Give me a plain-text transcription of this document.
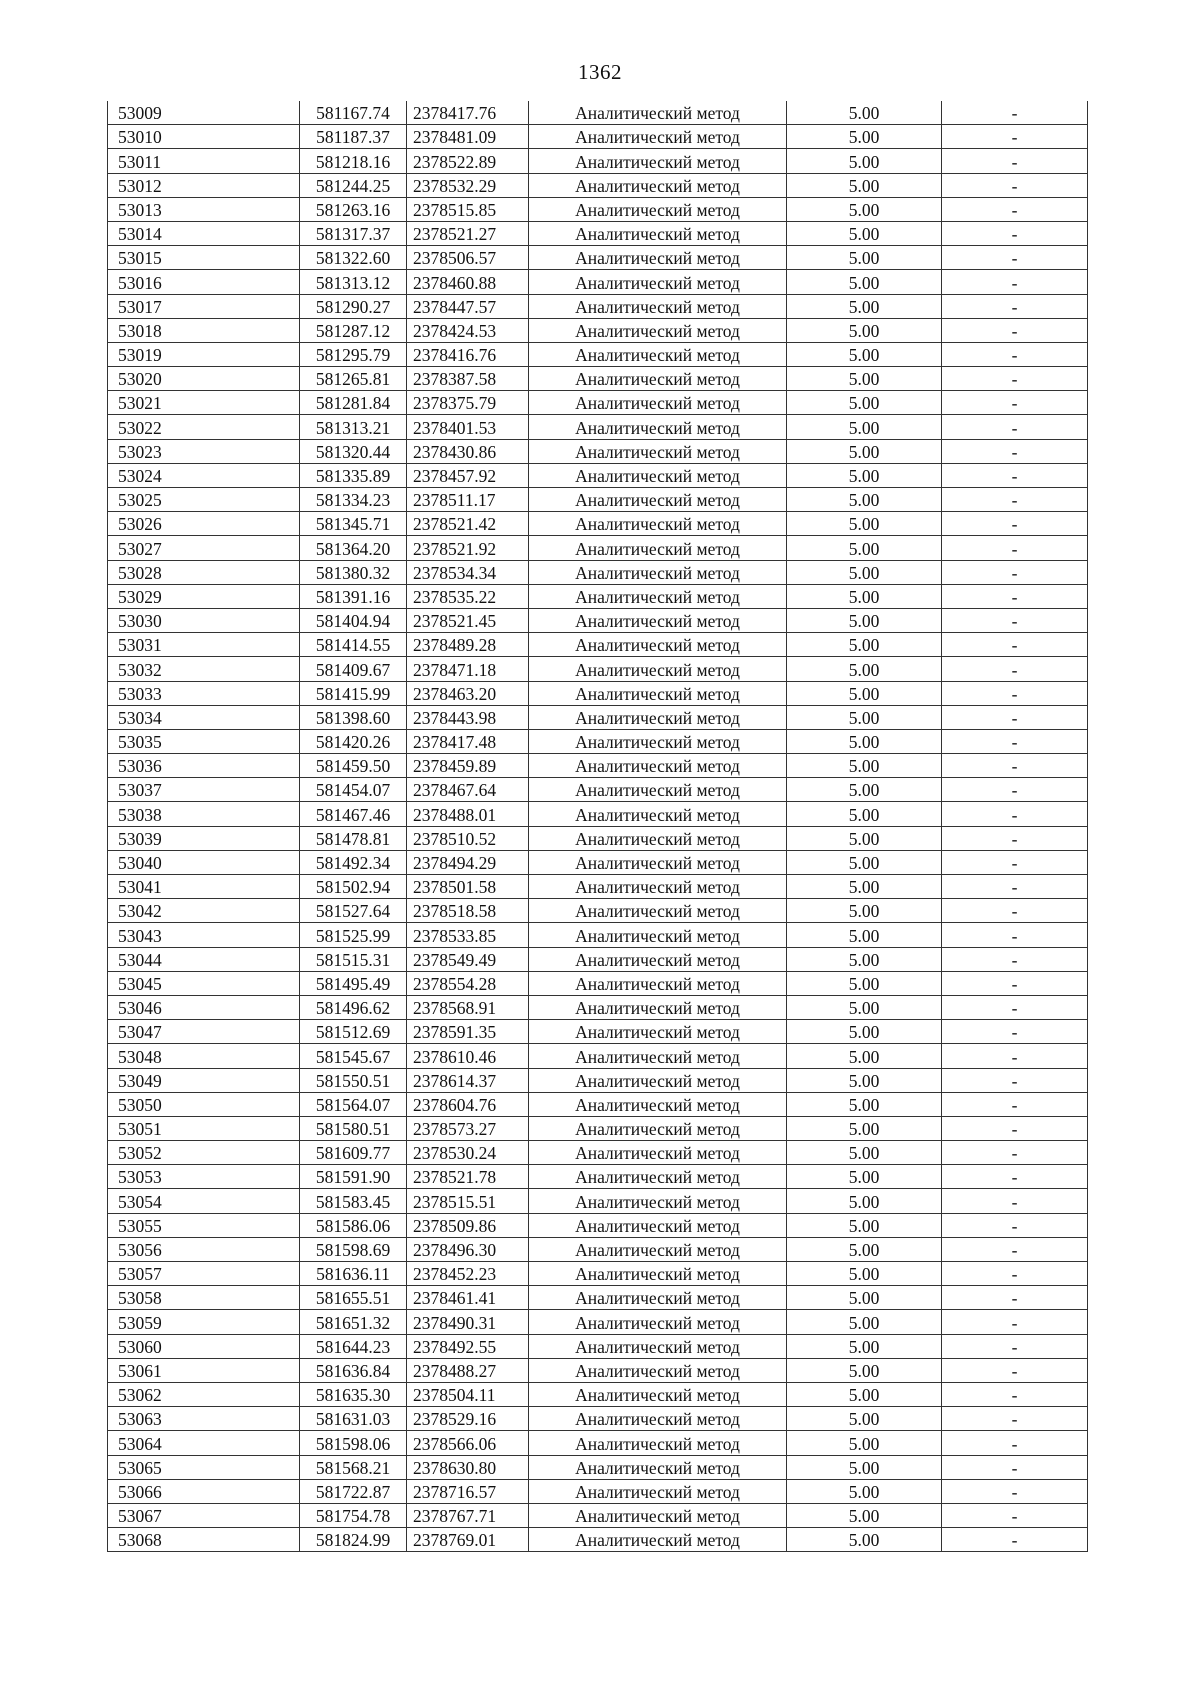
1362
53009	581167.74	2378417.76	Аналитический метод	5.00	-
53010	581187.37	2378481.09	Аналитический метод	5.00	-
53011	581218.16	2378522.89	Аналитический метод	5.00	-
53012	581244.25	2378532.29	Аналитический метод	5.00	-
53013	581263.16	2378515.85	Аналитический метод	5.00	-
53014	581317.37	2378521.27	Аналитический метод	5.00	-
53015	581322.60	2378506.57	Аналитический метод	5.00	-
53016	581313.12	2378460.88	Аналитический метод	5.00	-
53017	581290.27	2378447.57	Аналитический метод	5.00	-
53018	581287.12	2378424.53	Аналитический метод	5.00	-
53019	581295.79	2378416.76	Аналитический метод	5.00	-
53020	581265.81	2378387.58	Аналитический метод	5.00	-
53021	581281.84	2378375.79	Аналитический метод	5.00	-
53022	581313.21	2378401.53	Аналитический метод	5.00	-
53023	581320.44	2378430.86	Аналитический метод	5.00	-
53024	581335.89	2378457.92	Аналитический метод	5.00	-
53025	581334.23	2378511.17	Аналитический метод	5.00	-
53026	581345.71	2378521.42	Аналитический метод	5.00	-
53027	581364.20	2378521.92	Аналитический метод	5.00	-
53028	581380.32	2378534.34	Аналитический метод	5.00	-
53029	581391.16	2378535.22	Аналитический метод	5.00	-
53030	581404.94	2378521.45	Аналитический метод	5.00	-
53031	581414.55	2378489.28	Аналитический метод	5.00	-
53032	581409.67	2378471.18	Аналитический метод	5.00	-
53033	581415.99	2378463.20	Аналитический метод	5.00	-
53034	581398.60	2378443.98	Аналитический метод	5.00	-
53035	581420.26	2378417.48	Аналитический метод	5.00	-
53036	581459.50	2378459.89	Аналитический метод	5.00	-
53037	581454.07	2378467.64	Аналитический метод	5.00	-
53038	581467.46	2378488.01	Аналитический метод	5.00	-
53039	581478.81	2378510.52	Аналитический метод	5.00	-
53040	581492.34	2378494.29	Аналитический метод	5.00	-
53041	581502.94	2378501.58	Аналитический метод	5.00	-
53042	581527.64	2378518.58	Аналитический метод	5.00	-
53043	581525.99	2378533.85	Аналитический метод	5.00	-
53044	581515.31	2378549.49	Аналитический метод	5.00	-
53045	581495.49	2378554.28	Аналитический метод	5.00	-
53046	581496.62	2378568.91	Аналитический метод	5.00	-
53047	581512.69	2378591.35	Аналитический метод	5.00	-
53048	581545.67	2378610.46	Аналитический метод	5.00	-
53049	581550.51	2378614.37	Аналитический метод	5.00	-
53050	581564.07	2378604.76	Аналитический метод	5.00	-
53051	581580.51	2378573.27	Аналитический метод	5.00	-
53052	581609.77	2378530.24	Аналитический метод	5.00	-
53053	581591.90	2378521.78	Аналитический метод	5.00	-
53054	581583.45	2378515.51	Аналитический метод	5.00	-
53055	581586.06	2378509.86	Аналитический метод	5.00	-
53056	581598.69	2378496.30	Аналитический метод	5.00	-
53057	581636.11	2378452.23	Аналитический метод	5.00	-
53058	581655.51	2378461.41	Аналитический метод	5.00	-
53059	581651.32	2378490.31	Аналитический метод	5.00	-
53060	581644.23	2378492.55	Аналитический метод	5.00	-
53061	581636.84	2378488.27	Аналитический метод	5.00	-
53062	581635.30	2378504.11	Аналитический метод	5.00	-
53063	581631.03	2378529.16	Аналитический метод	5.00	-
53064	581598.06	2378566.06	Аналитический метод	5.00	-
53065	581568.21	2378630.80	Аналитический метод	5.00	-
53066	581722.87	2378716.57	Аналитический метод	5.00	-
53067	581754.78	2378767.71	Аналитический метод	5.00	-
53068	581824.99	2378769.01	Аналитический метод	5.00	-
